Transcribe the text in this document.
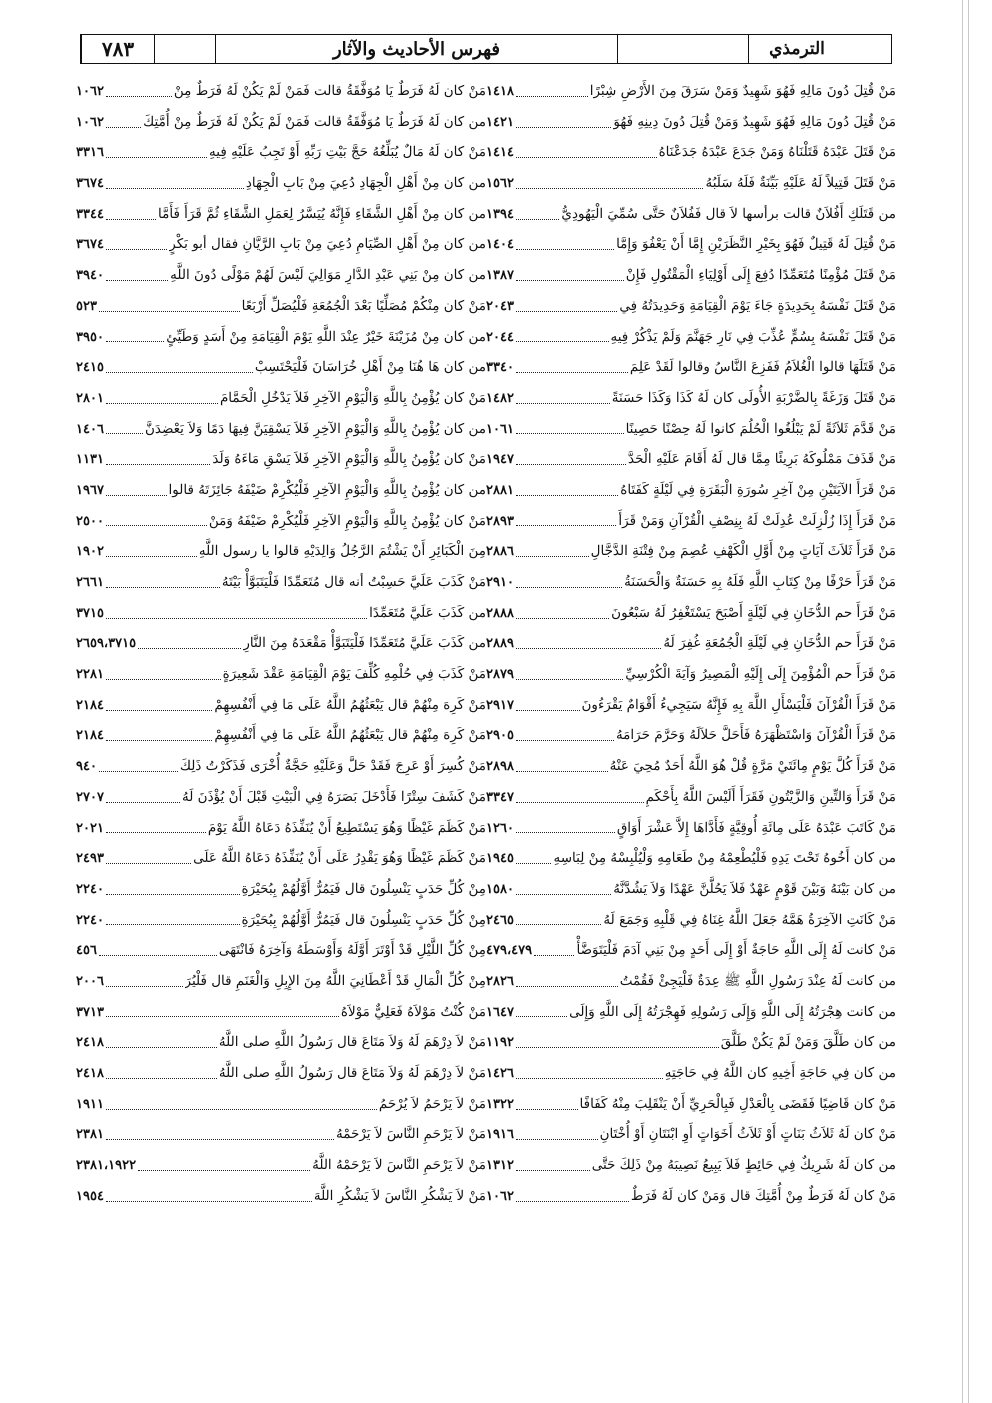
الترمذي
فهرس الأحاديث والآثار
٧٨٣
مَنْ قُتِلَ دُونَ مَالِهِ فَهُوَ شَهِيدٌ وَمَنْ سَرَقَ مِنَ الأَرْضِ شِبْرًا
١٤١٨
مَنْ قُتِلَ دُونَ مَالِهِ فَهُوَ شَهِيدٌ وَمَنْ قُتِلَ دُونَ دِينِهِ فَهُوَ
١٤٢١
مَنْ قَتَلَ عَبْدَهُ قَتَلْنَاهُ وَمَنْ جَدَعَ عَبْدَهُ جَدَعْنَاهُ
١٤١٤
مَنْ قَتَلَ قَتِيلاً لَهُ عَلَيْهِ بَيِّنَةٌ فَلَهُ سَلَبُهُ
١٥٦٢
من قَتَلَكِ أَفُلاَنٌ قالت برأسها لاَ قال فَفُلاَنٌ حَتَّى سُمِّيَ الْيَهُودِيُّ
١٣٩٤
مَنْ قُتِلَ لَهُ قَتِيلٌ فَهُوَ بِخَيْرِ النَّظَرَيْنِ إِمَّا أَنْ يَعْفُوَ وَإِمَّا
١٤٠٤
مَنْ قَتَلَ مُؤْمِنًا مُتَعَمِّدًا دُفِعَ إِلَى أَوْلِيَاءِ الْمَقْتُولِ فَإِنْ
١٣٨٧
مَنْ قَتَلَ نَفْسَهُ بِحَدِيدَةٍ جَاءَ يَوْمَ الْقِيَامَةِ وَحَدِيدَتُهُ فِي
٢٠٤٣
مَنْ قَتَلَ نَفْسَهُ بِسُمٍّ عُذِّبَ فِي نَارِ جَهَنَّمَ وَلَمْ يَذْكُرْ فِيهِ
٢٠٤٤
مَنْ قَتَلَهَا قالوا الْغُلاَمُ فَفَزِعَ النَّاسُ وقالوا لَقَدْ عَلِمَ
٣٣٤٠
مَنْ قَتَلَ وَزَغَةً بِالضَّرْبَةِ الأُولَى كان لَهُ كَذَا وَكَذَا حَسَنَةً
١٤٨٢
مَنْ قَدَّمَ ثَلاَثَةً لَمْ يَبْلُغُوا الْحُلُمَ كانوا لَهُ حِصْنًا حَصِينًا
١٠٦١
مَنْ قَذَفَ مَمْلُوكَهُ بَرِيئًا مِمَّا قال لَهُ أَقَامَ عَلَيْهِ الْحَدَّ
١٩٤٧
مَنْ قَرَأَ الآيَتَيْنِ مِنْ آخِرِ سُورَةِ الْبَقَرَةِ فِي لَيْلَةٍ كَفَتَاهُ
٢٨٨١
مَنْ قَرَأَ إِذَا زُلْزِلَتْ عُدِلَتْ لَهُ بِنِصْفِ الْقُرْآنِ وَمَنْ قَرَأَ
٢٨٩٣
مَنْ قَرَأَ ثَلاَثَ آيَاتٍ مِنْ أَوَّلِ الْكَهْفِ عُصِمَ مِنْ فِتْنَةِ الدَّجَّالِ
٢٨٨٦
مَنْ قَرَأَ حَرْفًا مِنْ كِتَابِ اللَّهِ فَلَهُ بِهِ حَسَنَةٌ وَالْحَسَنَةُ
٢٩١٠
مَنْ قَرَأَ حم الدُّخَانِ فِي لَيْلَةٍ أَصْبَحَ يَسْتَغْفِرُ لَهُ سَبْعُونَ
٢٨٨٨
مَنْ قَرَأَ حم الدُّخَانِ فِي لَيْلَةِ الْجُمُعَةِ غُفِرَ لَهُ
٢٨٨٩
مَنْ قَرَأَ حم الْمُؤْمِنَ إِلَى إِلَيْهِ الْمَصِيرُ وَآيَةَ الْكُرْسِيِّ
٢٨٧٩
مَنْ قَرَأَ الْقُرْآنَ فَلْيَسْأَلِ اللَّهَ بِهِ فَإِنَّهُ سَيَجِيءُ أَقْوَامٌ يَقْرَءُونَ
٢٩١٧
مَنْ قَرَأَ الْقُرْآنَ وَاسْتَظْهَرَهُ فَأَحَلَّ حَلاَلَهُ وَحَرَّمَ حَرَامَهُ
٢٩٠٥
مَنْ قَرَأَ كُلَّ يَوْمٍ مِائَتَيْ مَرَّةٍ قُلْ هُوَ اللَّهُ أَحَدٌ مُحِيَ عَنْهُ
٢٨٩٨
مَنْ قَرَأَ وَالتِّينِ وَالزَّيْتُونِ فَقَرَأَ أَلَيْسَ اللَّهُ بِأَحْكَمِ
٣٣٤٧
مَنْ كَاتَبَ عَبْدَهُ عَلَى مِائَةِ أُوقِيَّةٍ فَأَدَّاهَا إِلاَّ عَشْرَ أَوَاقٍ
١٢٦٠
من كان أَخُوهُ تَحْتَ يَدِهِ فَلْيُطْعِمْهُ مِنْ طَعَامِهِ وَلْيُلْبِسْهُ مِنْ لِبَاسِهِ
١٩٤٥
من كان بَيْنَهُ وَبَيْنَ قَوْمٍ عَهْدٌ فَلاَ يَحُلَّنَّ عَهْدًا وَلاَ يَشُدَّنَّهُ
١٥٨٠
مَنْ كَانَتِ الآخِرَةُ هَمَّهُ جَعَلَ اللَّهُ غِنَاهُ فِي قَلْبِهِ وَجَمَعَ لَهُ
٢٤٦٥
مَنْ كانت لَهُ إِلَى اللَّهِ حَاجَةٌ أَوْ إِلَى أَحَدٍ مِنْ بَنِي آدَمَ فَلْيَتَوَضَّأْ
٤٧٩،٤٧٩
من كانت لَهُ عِنْدَ رَسُولِ اللَّهِ ﷺ عِدَةٌ فَلْيَجِئْ فَقُمْتُ
٢٨٢٦
من كانت هِجْرَتُهُ إِلَى اللَّهِ وَإِلَى رَسُولِهِ فَهِجْرَتُهُ إِلَى اللَّهِ وَإِلَى
١٦٤٧
من كان طَلَّقَ وَمَنْ لَمْ يَكُنْ طَلَّقَ
١١٩٢
من كان فِي حَاجَةِ أَخِيهِ كان اللَّهُ فِي حَاجَتِهِ
١٤٢٦
مَنْ كان قَاضِيًا فَقَضَى بِالْعَدْلِ فَبِالْحَرِيِّ أَنْ يَنْقَلِبَ مِنْهُ كَفَافًا
١٣٢٢
مَنْ كان لَهُ ثَلاَثُ بَنَاتٍ أَوْ ثَلاَثُ أَخَوَاتٍ أَوِ ابْنَتَانِ أَوْ أُخْتَانِ
١٩١٦
من كان لَهُ شَرِيكٌ فِي حَائِطٍ فَلاَ يَبِيعُ نَصِيبَهُ مِنْ ذَلِكَ حَتَّى
١٣١٢
مَنْ كان لَهُ فَرَطٌ مِنْ أُمَّتِكَ قال وَمَنْ كان لَهُ فَرَطٌ
١٠٦٢
مَنْ كان لَهُ فَرَطٌ يَا مُوَفَّقَةُ قالت فَمَنْ لَمْ يَكُنْ لَهُ فَرَطٌ مِنْ
١٠٦٢
من كان لَهُ فَرَطٌ يَا مُوَفَّقَةُ قالت فَمَنْ لَمْ يَكُنْ لَهُ فَرَطٌ مِنْ أُمَّتِكَ
١٠٦٢
مَنْ كان لَهُ مَالٌ يُبَلِّغُهُ حَجَّ بَيْتِ رَبِّهِ أَوْ تَجِبُ عَلَيْهِ فِيهِ
٣٣١٦
من كان مِنْ أَهْلِ الْجِهَادِ دُعِيَ مِنْ بَابِ الْجِهَادِ
٣٦٧٤
من كان مِنْ أَهْلِ الشَّقَاءِ فَإِنَّهُ يُيَسَّرُ لِعَمَلِ الشَّقَاءِ ثُمَّ قَرَأَ فَأَمَّا
٣٣٤٤
من كان مِنْ أَهْلِ الصِّيَامِ دُعِيَ مِنْ بَابِ الرَّيَّانِ فقال أبو بَكْرٍ
٣٦٧٤
من كان مِنْ بَنِي عَبْدِ الدَّارِ مَوَالِيَ لَيْسَ لَهُمْ مَوْلًى دُونَ اللَّهِ
٣٩٤٠
مَنْ كان مِنْكُمْ مُصَلِّيًا بَعْدَ الْجُمُعَةِ فَلْيُصَلِّ أَرْبَعًا
٥٢٣
من كان مِنْ مُزَيْنَةَ خَيْرٌ عِنْدَ اللَّهِ يَوْمَ الْقِيَامَةِ مِنْ أَسَدٍ وَطَيِّئٍ
٣٩٥٠
من كان هَا هُنَا مِنْ أَهْلِ خُرَاسَانَ فَلْيَحْتَسِبْ
٢٤١٥
مَنْ كان يُؤْمِنُ بِاللَّهِ وَالْيَوْمِ الآخِرِ فَلاَ يَدْخُلِ الْحَمَّامَ
٢٨٠١
من كان يُؤْمِنُ بِاللَّهِ وَالْيَوْمِ الآخِرِ فَلاَ يَسْقِيَنَّ فِيهَا دَمًا وَلاَ يَعْضِدَنَّ
١٤٠٦
مَنْ كان يُؤْمِنُ بِاللَّهِ وَالْيَوْمِ الآخِرِ فَلاَ يَسْقِ مَاءَهُ وَلَدَ
١١٣١
من كان يُؤْمِنُ بِاللَّهِ وَالْيَوْمِ الآخِرِ فَلْيُكْرِمْ ضَيْفَهُ جَائِزَتَهُ قالوا
١٩٦٧
مَنْ كان يُؤْمِنُ بِاللَّهِ وَالْيَوْمِ الآخِرِ فَلْيُكْرِمْ ضَيْفَهُ وَمَنْ
٢٥٠٠
مِنَ الْكَبَائِرِ أَنْ يَشْتُمَ الرَّجُلُ وَالِدَيْهِ قالوا يا رسول اللَّهِ
١٩٠٢
مَنْ كَذَبَ عَلَيَّ حَسِبْتُ أنه قال مُتَعَمِّدًا فَلْيَتَبَوَّأْ بَيْتَهُ
٢٦٦١
من كَذَبَ عَلَيَّ مُتَعَمِّدًا
٣٧١٥
من كَذَبَ عَلَيَّ مُتَعَمِّدًا فَلْيَتَبَوَّأْ مَقْعَدَهُ مِنَ النَّارِ
٢٦٥٩،٣٧١٥
مَنْ كَذَبَ فِي حُلْمِهِ كُلِّفَ يَوْمَ الْقِيَامَةِ عَقْدَ شَعِيرَةٍ
٢٢٨١
مَنْ كَرِهَ مِنْهُمْ قال يَبْعَثُهُمُ اللَّهُ عَلَى مَا فِي أَنْفُسِهِمْ
٢١٨٤
مَنْ كَرِهَ مِنْهُمْ قال يَبْعَثُهُمُ اللَّهُ عَلَى مَا فِي أَنْفُسِهِمْ
٢١٨٤
مَنْ كُسِرَ أَوْ عَرِجَ فَقَدْ حَلَّ وَعَلَيْهِ حَجَّةٌ أُخْرَى فَذَكَرْتُ ذَلِكَ
٩٤٠
مَنْ كَشَفَ سِتْرًا فَأَدْخَلَ بَصَرَهُ فِي الْبَيْتِ قَبْلَ أَنْ يُؤْذَنَ لَهُ
٢٧٠٧
مَنْ كَظَمَ غَيْظًا وَهُوَ يَسْتَطِيعُ أَنْ يُنَفِّذَهُ دَعَاهُ اللَّهُ يَوْمَ
٢٠٢١
مَنْ كَظَمَ غَيْظًا وَهُوَ يَقْدِرُ عَلَى أَنْ يُنَفِّذَهُ دَعَاهُ اللَّهُ عَلَى
٢٤٩٣
مِنْ كُلِّ حَدَبٍ يَنْسِلُونَ قال فَيَمُرُّ أَوَّلُهُمْ بِبُحَيْرَةِ
٢٢٤٠
مِنْ كُلِّ حَدَبٍ يَنْسِلُونَ قال فَيَمُرُّ أَوَّلُهُمْ بِبُحَيْرَةِ
٢٢٤٠
مِنْ كُلِّ اللَّيْلِ قَدْ أَوْتَرَ أَوَّلَهُ وَأَوْسَطَهُ وَآخِرَهُ فَانْتَهَى
٤٥٦
مِنْ كُلِّ الْمَالِ قَدْ أَعْطَانِيَ اللَّهُ مِنَ الإِبِلِ وَالْغَنَمِ قال فَلْيُرَ
٢٠٠٦
مَنْ كُنْتُ مَوْلاَهُ فَعَلِيٌّ مَوْلاَهُ
٣٧١٣
مَنْ لاَ دِرْهَمَ لَهُ وَلاَ مَتَاعَ قال رَسُولُ اللَّهِ صلى اللَّهُ
٢٤١٨
مَنْ لاَ دِرْهَمَ لَهُ وَلاَ مَتَاعَ قال رَسُولُ اللَّهِ صلى اللَّهُ
٢٤١٨
مَنْ لاَ يَرْحَمُ لاَ يُرْحَمُ
١٩١١
مَنْ لاَ يَرْحَمِ النَّاسَ لاَ يَرْحَمْهُ
٢٣٨١
مَنْ لاَ يَرْحَمِ النَّاسَ لاَ يَرْحَمْهُ اللَّهُ
٢٣٨١،١٩٢٢
مَنْ لاَ يَشْكُرِ النَّاسَ لاَ يَشْكُرِ اللَّهَ
١٩٥٤
